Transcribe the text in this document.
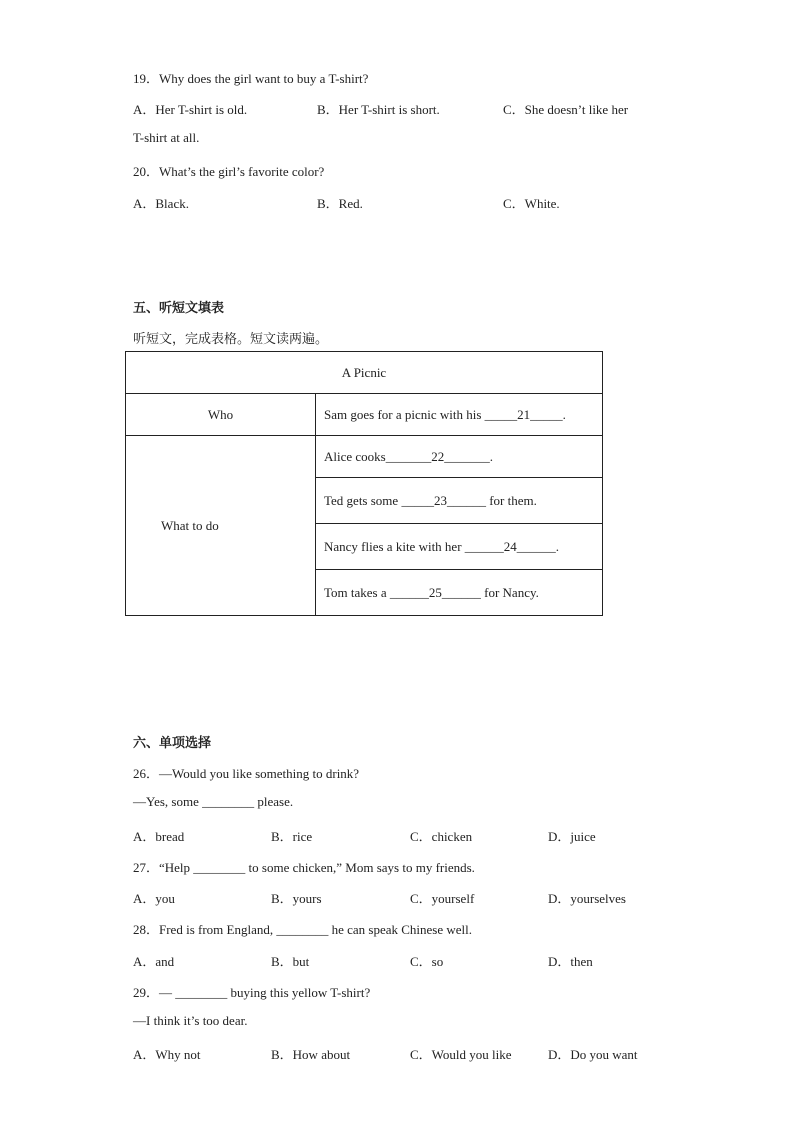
19．Why does the girl want to buy a T-shirt?
A．Her T-shirt is old.	B．Her T-shirt is short.	C．She doesn’t like her
T-shirt at all.
20．What’s the girl’s favorite color?
A．Black.	B．Red.	C．White.
五、听短文填表
听短文，完成表格。短文读两遍。
A Picnic	
Who	Sam goes for a picnic with his _____21_____.
What to do	Alice cooks_______22_______.
	Ted gets some _____23______ for them.
	Nancy flies a kite with her ______24______.
	Tom takes a ______25______ for Nancy.
六、单项选择
26．—Would you like something to drink?
—Yes, some ________ please.
A．bread	B．rice	C．chicken	D．juice
27．“Help ________ to some chicken,” Mom says to my friends.
A．you	B．yours	C．yourself	D．yourselves
28．Fred is from England, ________ he can speak Chinese well.
A．and	B．but	C．so	D．then
29．— ________ buying this yellow T-shirt?
—I think it’s too dear.
A．Why not	B．How about	C．Would you like	D．Do you want
